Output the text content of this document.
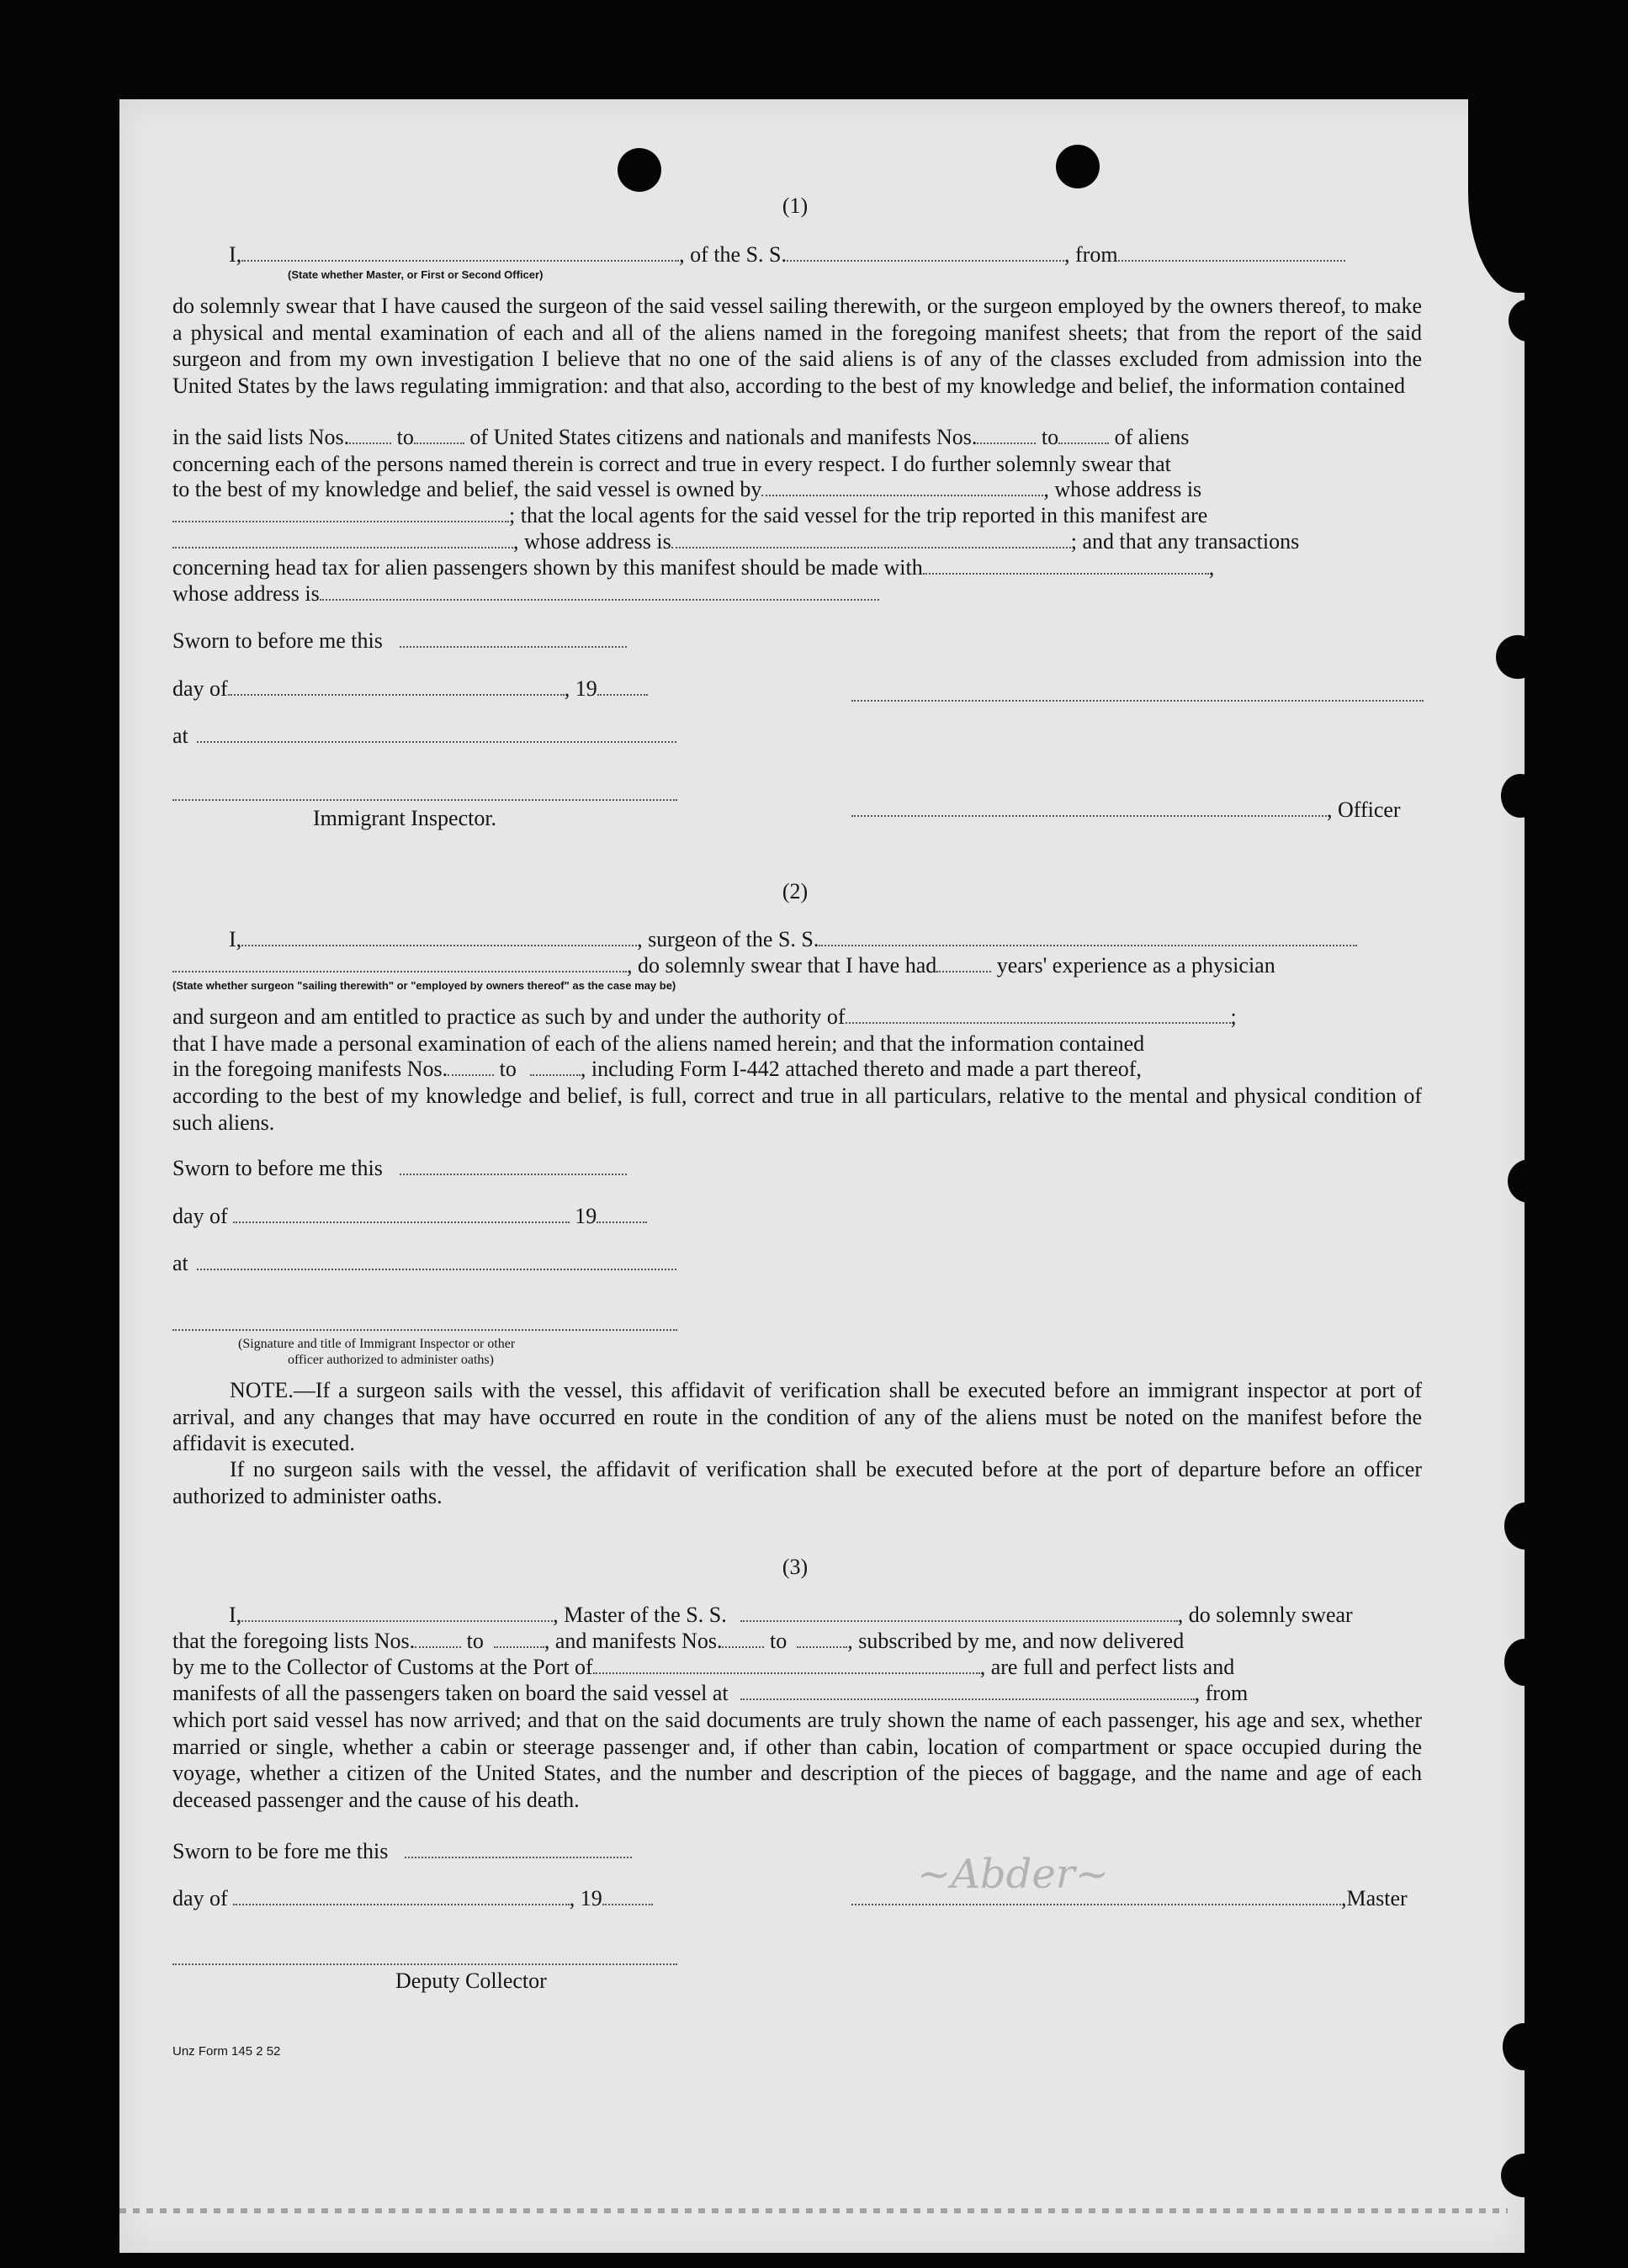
(1)
I,	, of the S. S.	, from
(State whether Master, or First or Second Officer)
do solemnly swear that I have caused the surgeon of the said vessel sailing therewith, or the surgeon employed by the owners thereof, to make a physical and mental examination of each and all of the aliens named in the foregoing manifest sheets; that from the report of the said surgeon and from my own investigation I believe that no one of the said aliens is of any of the classes excluded from admission into the United States by the laws regulating immigration: and that also, according to the best of my knowledge and belief, the information contained
in the said lists Nos. to	of United States citizens and nationals and manifests Nos.	to	of aliens
concerning each of the persons named therein is correct and true in every respect. I do further solemnly swear that
to the best of my knowledge and belief, the said vessel is owned by	, whose address is
; that the local agents for the said vessel for the trip reported in this manifest are
, whose address is	; and that any transactions
concerning head tax for alien passengers shown by this manifest should be made with	,
whose address is
Sworn to before me this
day of	, 19
at
Immigrant Inspector.	, Officer
(2)
I,	, surgeon of the S. S.
, do solemnly swear that I have had	years' experience as a physician
(State whether surgeon "sailing therewith" or "employed by owners thereof" as the case may be)
and surgeon and am entitled to practice as such by and under the authority of	;
that I have made a personal examination of each of the aliens named herein; and that the information contained
in the foregoing manifests Nos. to	, including Form I-442 attached thereto and made a part thereof,
according to the best of my knowledge and belief, is full, correct and true in all particulars, relative to the mental and physical condition of such aliens.
Sworn to before me this
day of	19
at
(Signature and title of Immigrant Inspector or other
officer authorized to administer oaths)
NOTE.—If a surgeon sails with the vessel, this affidavit of verification shall be executed before an immigrant inspector at port of arrival, and any changes that may have occurred en route in the condition of any of the aliens must be noted on the manifest before the affidavit is executed.
If no surgeon sails with the vessel, the affidavit of verification shall be executed before at the port of departure before an officer authorized to administer oaths.
(3)
I,	, Master of the S. S.	, do solemnly swear
that the foregoing lists Nos. to	, and manifests Nos. to	, subscribed by me, and now delivered
by me to the Collector of Customs at the Port of	, are full and perfect lists and
manifests of all the passengers taken on board the said vessel at	, from
which port said vessel has now arrived; and that on the said documents are truly shown the name of each passenger, his age and sex, whether married or single, whether a cabin or steerage passenger and, if other than cabin, location of compartment or space occupied during the voyage, whether a citizen of the United States, and the number and description of the pieces of baggage, and the name and age of each deceased passenger and the cause of his death.
Sworn to be fore me this
day of	, 19	,Master
~Abder~
Deputy Collector
Unz Form 145 2 52
